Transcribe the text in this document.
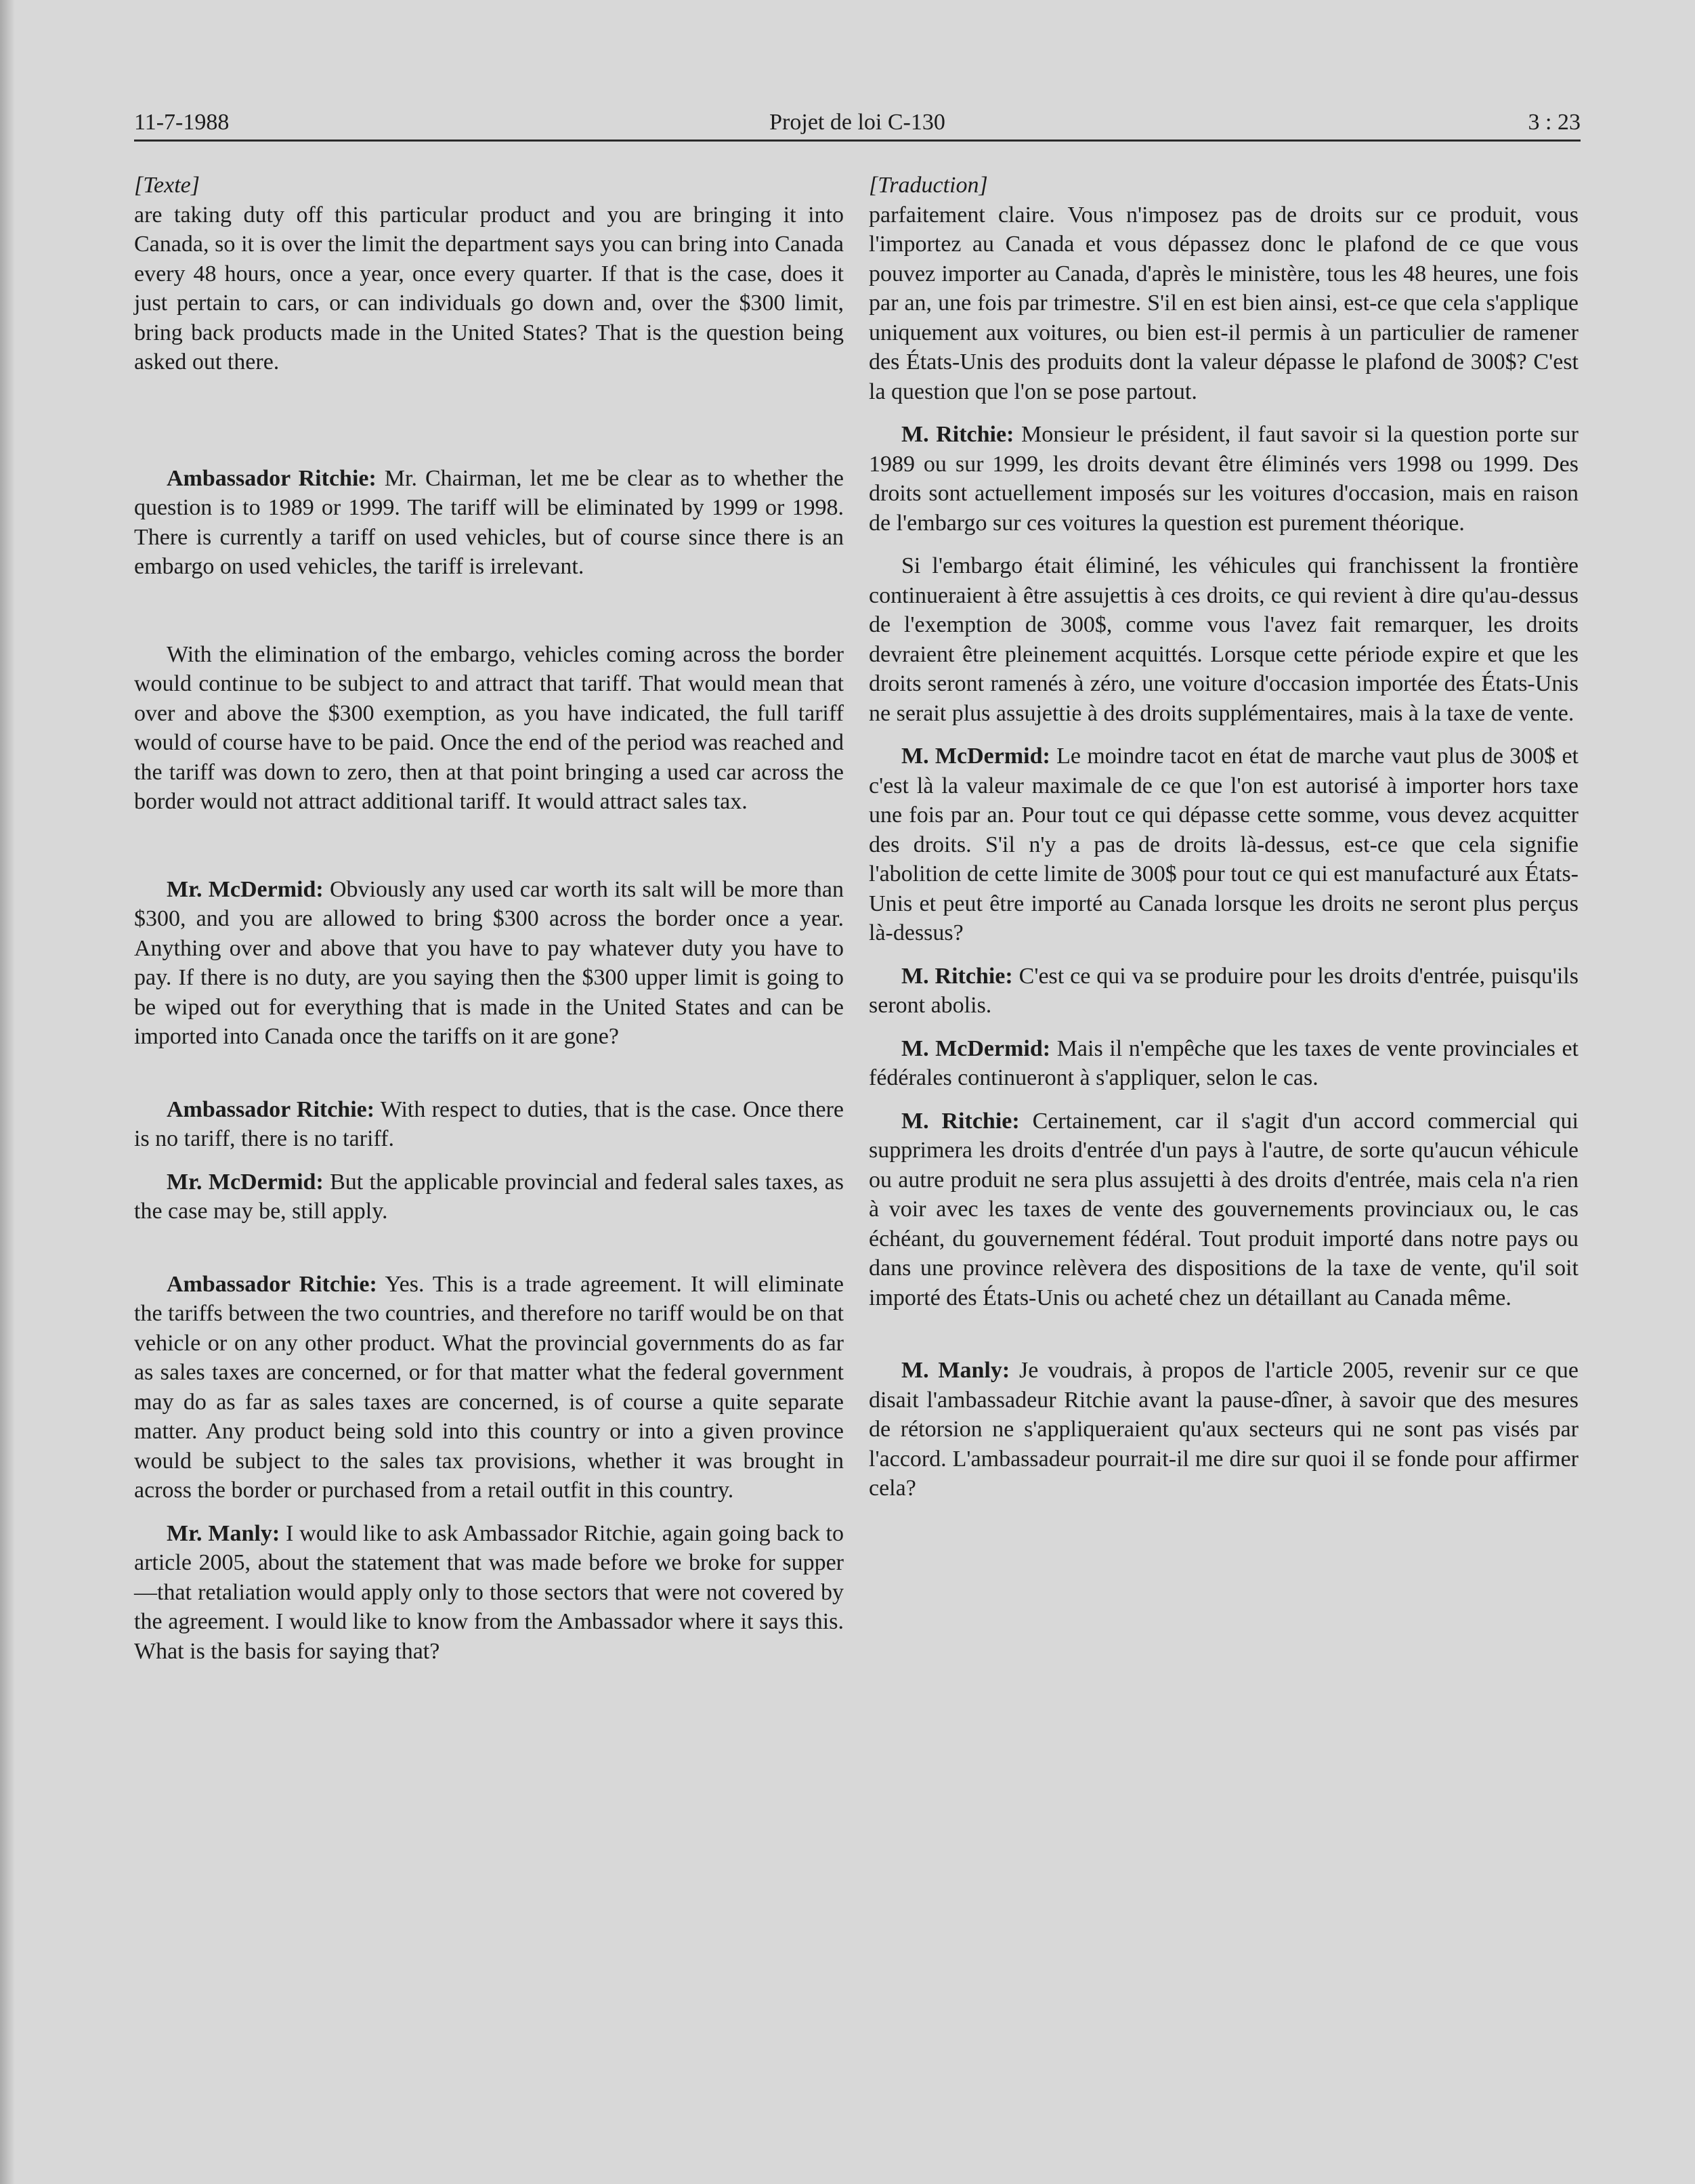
11-7-1988	Projet de loi C-130	3 : 23

[Texte]

are taking duty off this particular product and you are bringing it into Canada, so it is over the limit the department says you can bring into Canada every 48 hours, once a year, once every quarter. If that is the case, does it just pertain to cars, or can individuals go down and, over the $300 limit, bring back products made in the United States? That is the question being asked out there.

Ambassador Ritchie: Mr. Chairman, let me be clear as to whether the question is to 1989 or 1999. The tariff will be eliminated by 1999 or 1998. There is currently a tariff on used vehicles, but of course since there is an embargo on used vehicles, the tariff is irrelevant.

With the elimination of the embargo, vehicles coming across the border would continue to be subject to and attract that tariff. That would mean that over and above the $300 exemption, as you have indicated, the full tariff would of course have to be paid. Once the end of the period was reached and the tariff was down to zero, then at that point bringing a used car across the border would not attract additional tariff. It would attract sales tax.

Mr. McDermid: Obviously any used car worth its salt will be more than $300, and you are allowed to bring $300 across the border once a year. Anything over and above that you have to pay whatever duty you have to pay. If there is no duty, are you saying then the $300 upper limit is going to be wiped out for everything that is made in the United States and can be imported into Canada once the tariffs on it are gone?

Ambassador Ritchie: With respect to duties, that is the case. Once there is no tariff, there is no tariff.

Mr. McDermid: But the applicable provincial and federal sales taxes, as the case may be, still apply.

Ambassador Ritchie: Yes. This is a trade agreement. It will eliminate the tariffs between the two countries, and therefore no tariff would be on that vehicle or on any other product. What the provincial governments do as far as sales taxes are concerned, or for that matter what the federal government may do as far as sales taxes are concerned, is of course a quite separate matter. Any product being sold into this country or into a given province would be subject to the sales tax provisions, whether it was brought in across the border or purchased from a retail outfit in this country.

Mr. Manly: I would like to ask Ambassador Ritchie, again going back to article 2005, about the statement that was made before we broke for supper—that retaliation would apply only to those sectors that were not covered by the agreement. I would like to know from the Ambassador where it says this. What is the basis for saying that?

[Traduction]

parfaitement claire. Vous n'imposez pas de droits sur ce produit, vous l'importez au Canada et vous dépassez donc le plafond de ce que vous pouvez importer au Canada, d'après le ministère, tous les 48 heures, une fois par an, une fois par trimestre. S'il en est bien ainsi, est-ce que cela s'applique uniquement aux voitures, ou bien est-il permis à un particulier de ramener des États-Unis des produits dont la valeur dépasse le plafond de 300$? C'est la question que l'on se pose partout.

M. Ritchie: Monsieur le président, il faut savoir si la question porte sur 1989 ou sur 1999, les droits devant être éliminés vers 1998 ou 1999. Des droits sont actuellement imposés sur les voitures d'occasion, mais en raison de l'embargo sur ces voitures la question est purement théorique.

Si l'embargo était éliminé, les véhicules qui franchissent la frontière continueraient à être assujettis à ces droits, ce qui revient à dire qu'au-dessus de l'exemption de 300$, comme vous l'avez fait remarquer, les droits devraient être pleinement acquittés. Lorsque cette période expire et que les droits seront ramenés à zéro, une voiture d'occasion importée des États-Unis ne serait plus assujettie à des droits supplémentaires, mais à la taxe de vente.

M. McDermid: Le moindre tacot en état de marche vaut plus de 300$ et c'est là la valeur maximale de ce que l'on est autorisé à importer hors taxe une fois par an. Pour tout ce qui dépasse cette somme, vous devez acquitter des droits. S'il n'y a pas de droits là-dessus, est-ce que cela signifie l'abolition de cette limite de 300$ pour tout ce qui est manufacturé aux États-Unis et peut être importé au Canada lorsque les droits ne seront plus perçus là-dessus?

M. Ritchie: C'est ce qui va se produire pour les droits d'entrée, puisqu'ils seront abolis.

M. McDermid: Mais il n'empêche que les taxes de vente provinciales et fédérales continueront à s'appliquer, selon le cas.

M. Ritchie: Certainement, car il s'agit d'un accord commercial qui supprimera les droits d'entrée d'un pays à l'autre, de sorte qu'aucun véhicule ou autre produit ne sera plus assujetti à des droits d'entrée, mais cela n'a rien à voir avec les taxes de vente des gouvernements provinciaux ou, le cas échéant, du gouvernement fédéral. Tout produit importé dans notre pays ou dans une province relèvera des dispositions de la taxe de vente, qu'il soit importé des États-Unis ou acheté chez un détaillant au Canada même.

M. Manly: Je voudrais, à propos de l'article 2005, revenir sur ce que disait l'ambassadeur Ritchie avant la pause-dîner, à savoir que des mesures de rétorsion ne s'appliqueraient qu'aux secteurs qui ne sont pas visés par l'accord. L'ambassadeur pourrait-il me dire sur quoi il se fonde pour affirmer cela?
